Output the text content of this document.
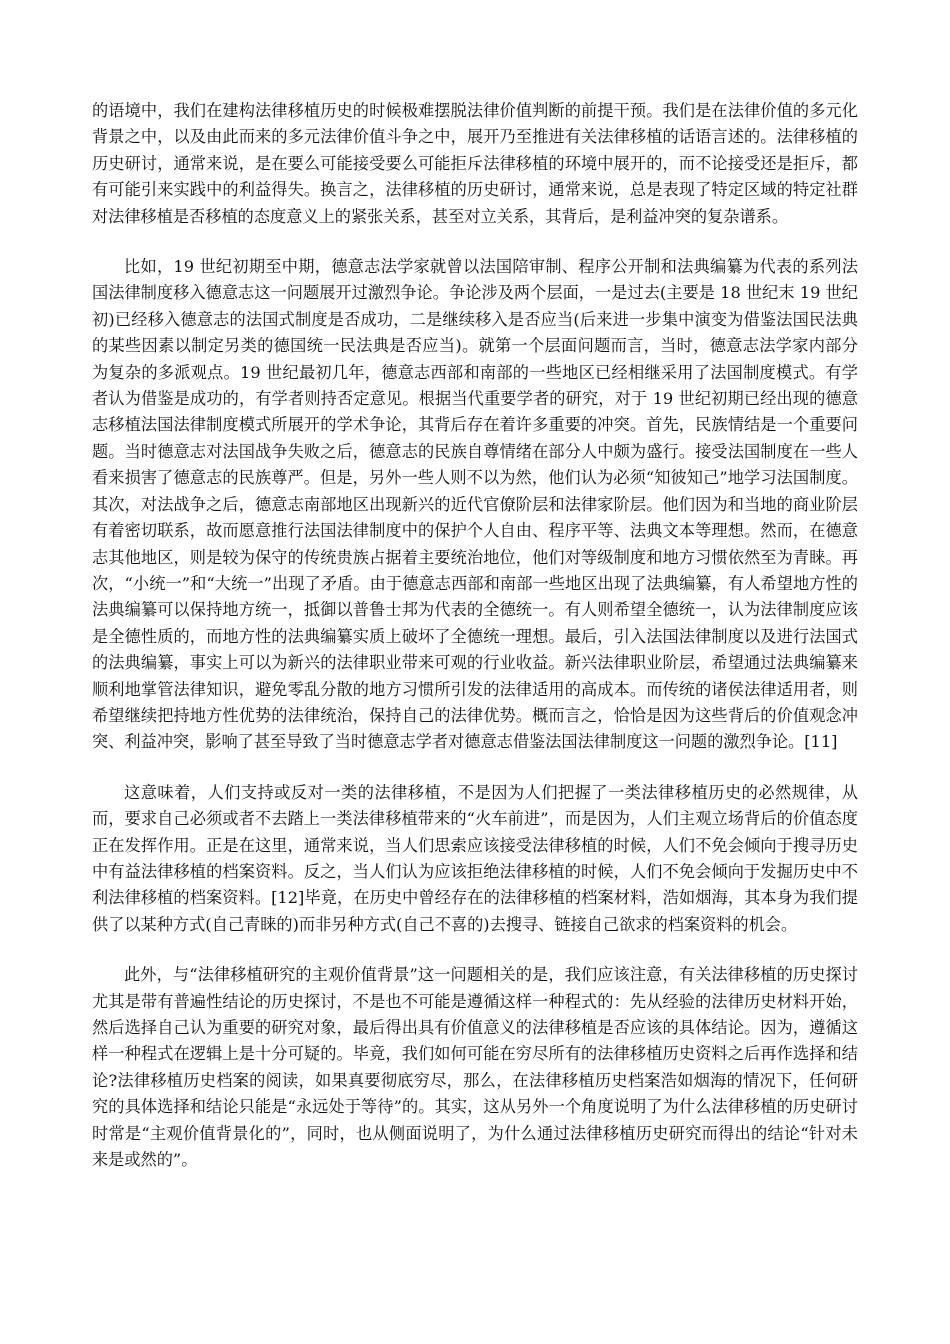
的语境中，我们在建构法律移植历史的时候极难摆脱法律价值判断的前提干预。我们是在法律价值的多元化背景之中，以及由此而来的多元法律价值斗争之中，展开乃至推进有关法律移植的话语言述的。法律移植的历史研讨，通常来说，是在要么可能接受要么可能拒斥法律移植的环境中展开的，而不论接受还是拒斥，都有可能引来实践中的利益得失。换言之，法律移植的历史研讨，通常来说，总是表现了特定区域的特定社群对法律移植是否移植的态度意义上的紧张关系，甚至对立关系，其背后，是利益冲突的复杂谱系。

比如，19 世纪初期至中期，德意志法学家就曾以法国陪审制、程序公开制和法典编纂为代表的系列法国法律制度移入德意志这一问题展开过激烈争论。争论涉及两个层面，一是过去(主要是 18 世纪末 19 世纪初)已经移入德意志的法国式制度是否成功，二是继续移入是否应当(后来进一步集中演变为借鉴法国民法典的某些因素以制定另类的德国统一民法典是否应当)。就第一个层面问题而言，当时，德意志法学家内部分为复杂的多派观点。19 世纪最初几年，德意志西部和南部的一些地区已经相继采用了法国制度模式。有学者认为借鉴是成功的，有学者则持否定意见。根据当代重要学者的研究，对于 19 世纪初期已经出现的德意志移植法国法律制度模式所展开的学术争论，其背后存在着许多重要的冲突。首先，民族情结是一个重要问题。当时德意志对法国战争失败之后，德意志的民族自尊情绪在部分人中颇为盛行。接受法国制度在一些人看来损害了德意志的民族尊严。但是，另外一些人则不以为然，他们认为必须“知彼知己”地学习法国制度。其次，对法战争之后，德意志南部地区出现新兴的近代官僚阶层和法律家阶层。他们因为和当地的商业阶层有着密切联系，故而愿意推行法国法律制度中的保护个人自由、程序平等、法典文本等理想。然而，在德意志其他地区，则是较为保守的传统贵族占据着主要统治地位，他们对等级制度和地方习惯依然至为青睐。再次，“小统一”和“大统一”出现了矛盾。由于德意志西部和南部一些地区出现了法典编纂，有人希望地方性的法典编纂可以保持地方统一，抵御以普鲁士邦为代表的全德统一。有人则希望全德统一，认为法律制度应该是全德性质的，而地方性的法典编纂实质上破坏了全德统一理想。最后，引入法国法律制度以及进行法国式的法典编纂，事实上可以为新兴的法律职业带来可观的行业收益。新兴法律职业阶层，希望通过法典编纂来顺利地掌管法律知识，避免零乱分散的地方习惯所引发的法律适用的高成本。而传统的诸侯法律适用者，则希望继续把持地方性优势的法律统治，保持自己的法律优势。概而言之，恰恰是因为这些背后的价值观念冲突、利益冲突，影响了甚至导致了当时德意志学者对德意志借鉴法国法律制度这一问题的激烈争论。[11]

这意味着，人们支持或反对一类的法律移植，不是因为人们把握了一类法律移植历史的必然规律，从而，要求自己必须或者不去踏上一类法律移植带来的“火车前进”，而是因为，人们主观立场背后的价值态度正在发挥作用。正是在这里，通常来说，当人们思索应该接受法律移植的时候，人们不免会倾向于搜寻历史中有益法律移植的档案资料。反之，当人们认为应该拒绝法律移植的时候，人们不免会倾向于发掘历史中不利法律移植的档案资料。[12]毕竟，在历史中曾经存在的法律移植的档案材料，浩如烟海，其本身为我们提供了以某种方式(自己青睐的)而非另种方式(自己不喜的)去搜寻、链接自己欲求的档案资料的机会。

此外，与“法律移植研究的主观价值背景”这一问题相关的是，我们应该注意，有关法律移植的历史探讨尤其是带有普遍性结论的历史探讨，不是也不可能是遵循这样一种程式的：先从经验的法律历史材料开始，然后选择自己认为重要的研究对象，最后得出具有价值意义的法律移植是否应该的具体结论。因为，遵循这样一种程式在逻辑上是十分可疑的。毕竟，我们如何可能在穷尽所有的法律移植历史资料之后再作选择和结论?法律移植历史档案的阅读，如果真要彻底穷尽，那么，在法律移植历史档案浩如烟海的情况下，任何研究的具体选择和结论只能是“永远处于等待”的。其实，这从另外一个角度说明了为什么法律移植的历史研讨时常是“主观价值背景化的”，同时，也从侧面说明了，为什么通过法律移植历史研究而得出的结论“针对未来是或然的”。
